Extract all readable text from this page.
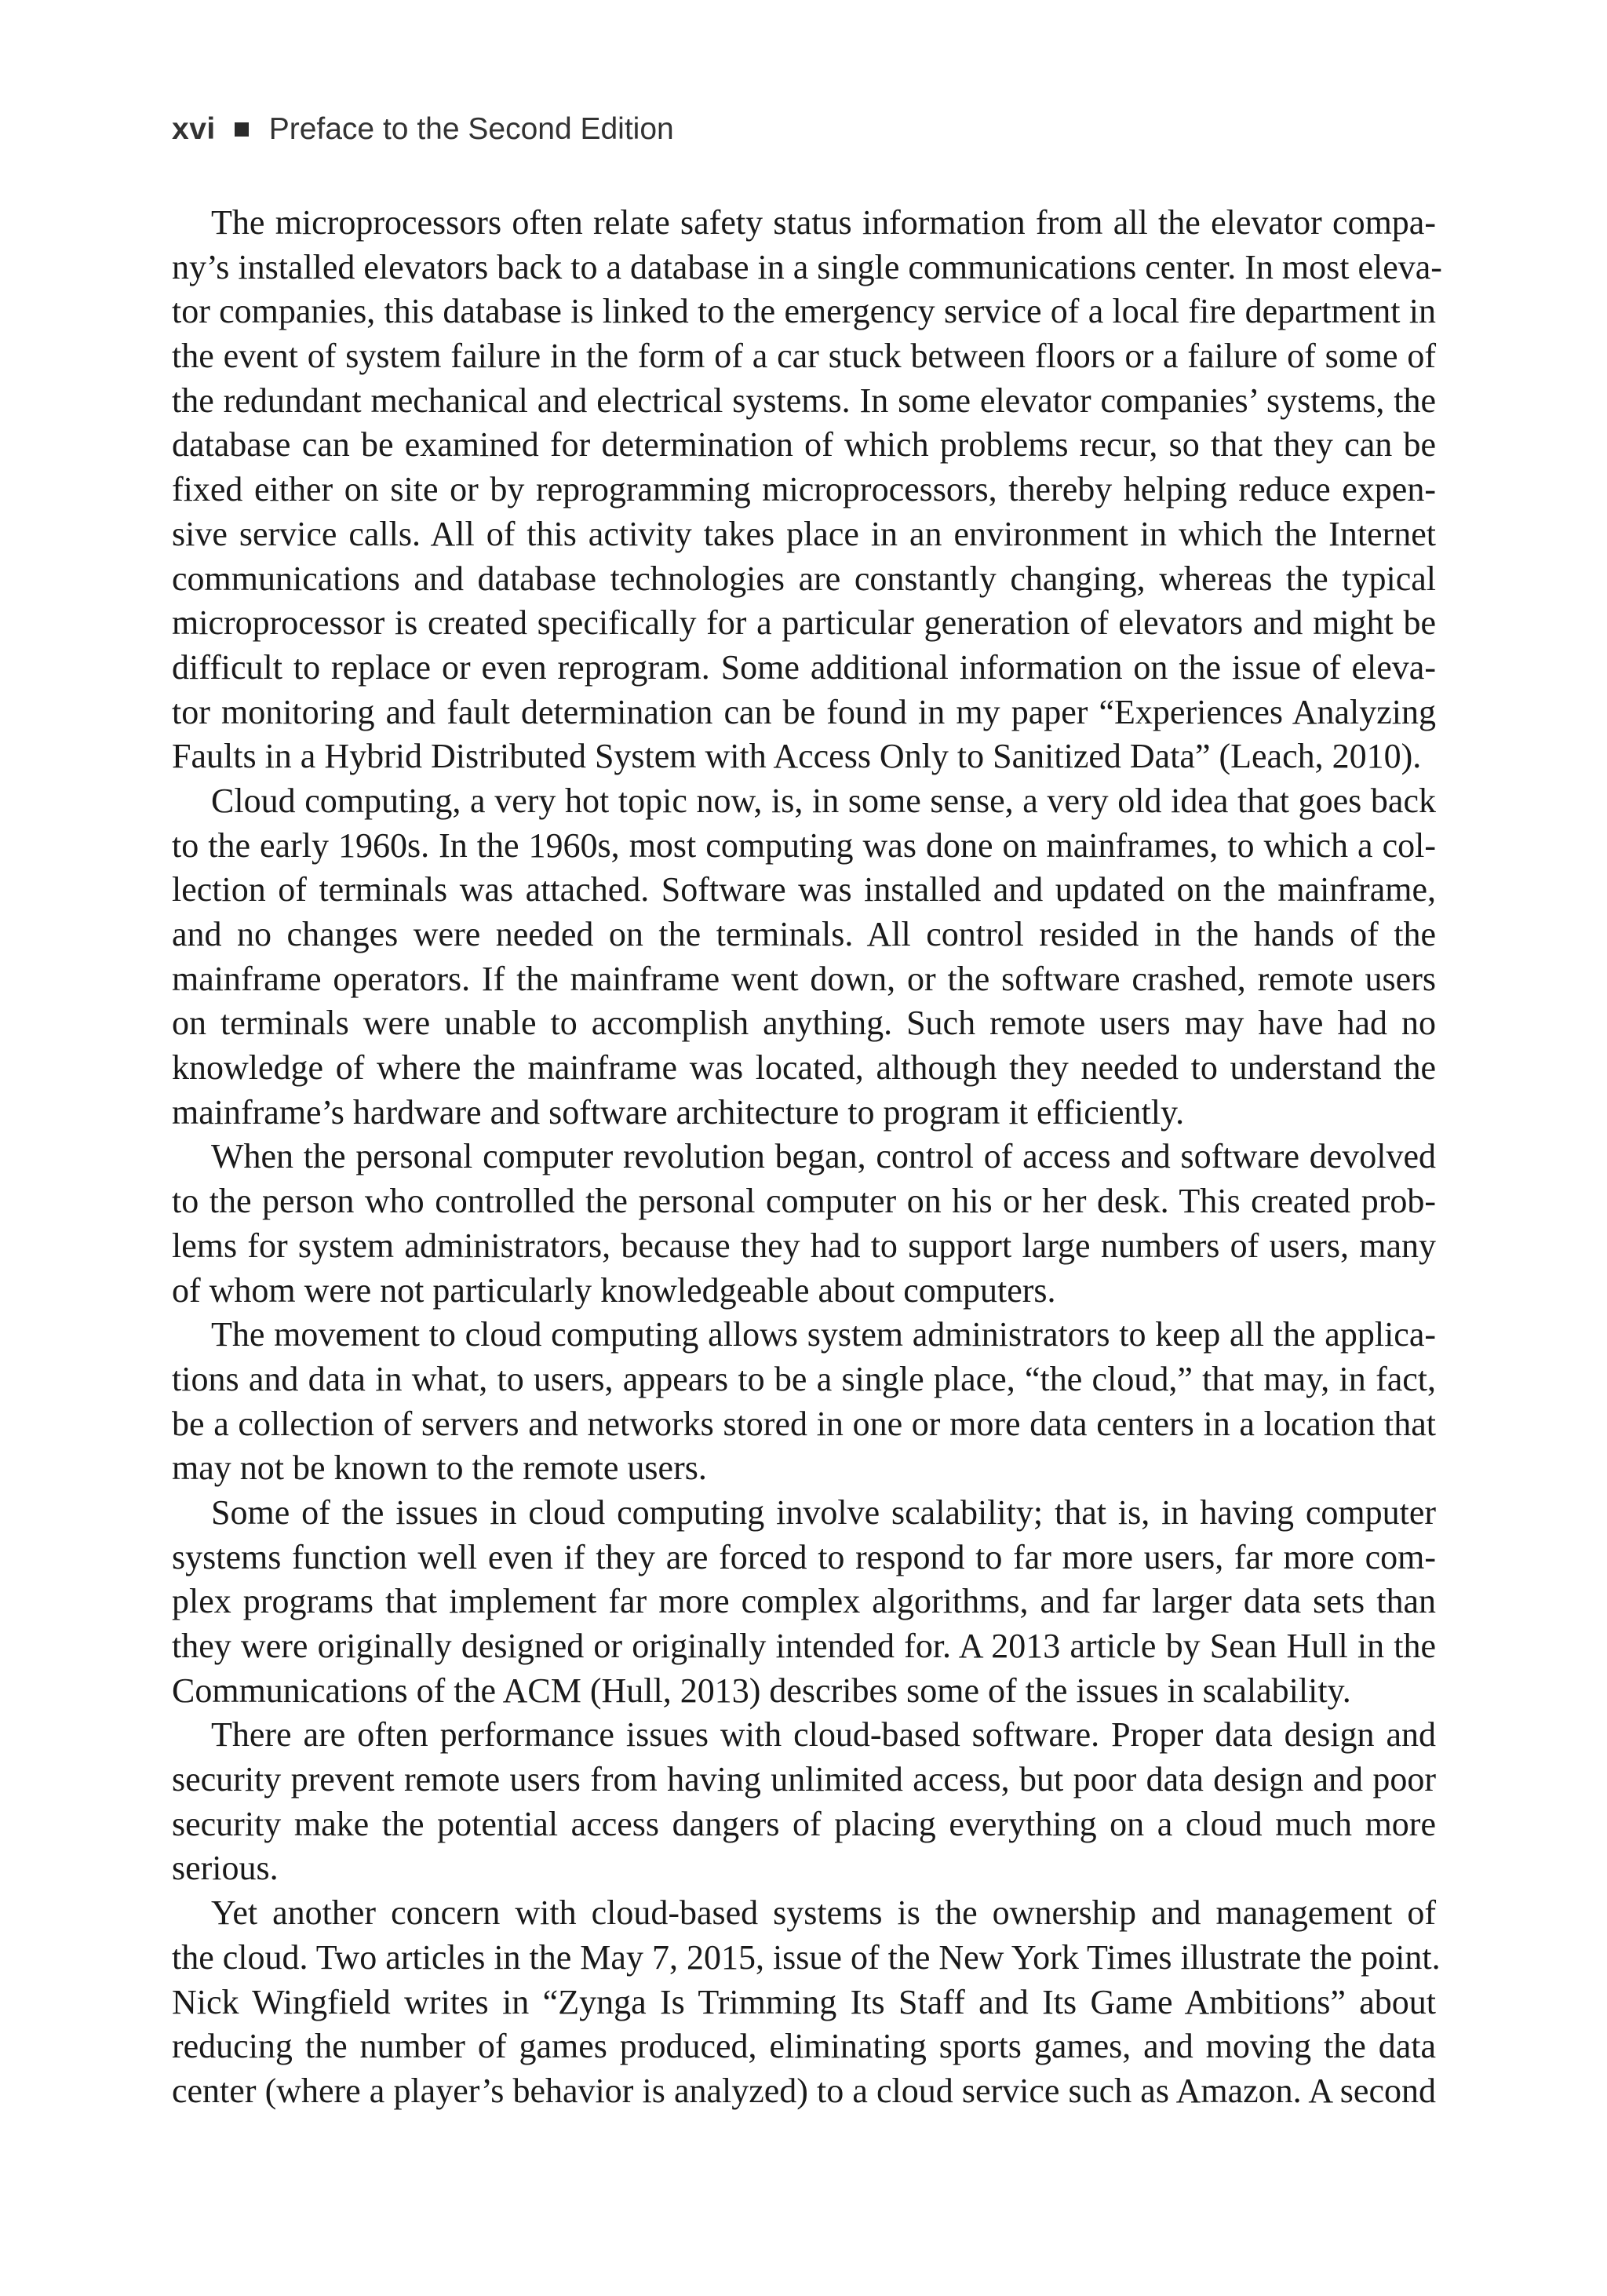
xvi Preface to the Second Edition
The microprocessors often relate safety status information from all the elevator compa-
ny’s installed elevators back to a database in a single communications center. In most eleva-
tor companies, this database is linked to the emergency service of a local fire department in
the event of system failure in the form of a car stuck between floors or a failure of some of
the redundant mechanical and electrical systems. In some elevator companies’ systems, the
database can be examined for determination of which problems recur, so that they can be
fixed either on site or by reprogramming microprocessors, thereby helping reduce expen-
sive service calls. All of this activity takes place in an environment in which the Internet
communications and database technologies are constantly changing, whereas the typical
microprocessor is created specifically for a particular generation of elevators and might be
difficult to replace or even reprogram. Some additional information on the issue of eleva-
tor monitoring and fault determination can be found in my paper “Experiences Analyzing
Faults in a Hybrid Distributed System with Access Only to Sanitized Data” (Leach, 2010).
Cloud computing, a very hot topic now, is, in some sense, a very old idea that goes back
to the early 1960s. In the 1960s, most computing was done on mainframes, to which a col-
lection of terminals was attached. Software was installed and updated on the mainframe,
and no changes were needed on the terminals. All control resided in the hands of the
mainframe operators. If the mainframe went down, or the software crashed, remote users
on terminals were unable to accomplish anything. Such remote users may have had no
knowledge of where the mainframe was located, although they needed to understand the
mainframe’s hardware and software architecture to program it efficiently.
When the personal computer revolution began, control of access and software devolved
to the person who controlled the personal computer on his or her desk. This created prob-
lems for system administrators, because they had to support large numbers of users, many
of whom were not particularly knowledgeable about computers.
The movement to cloud computing allows system administrators to keep all the applica-
tions and data in what, to users, appears to be a single place, “the cloud,” that may, in fact,
be a collection of servers and networks stored in one or more data centers in a location that
may not be known to the remote users.
Some of the issues in cloud computing involve scalability; that is, in having computer
systems function well even if they are forced to respond to far more users, far more com-
plex programs that implement far more complex algorithms, and far larger data sets than
they were originally designed or originally intended for. A 2013 article by Sean Hull in the
Communications of the ACM (Hull, 2013) describes some of the issues in scalability.
There are often performance issues with cloud-based software. Proper data design and
security prevent remote users from having unlimited access, but poor data design and poor
security make the potential access dangers of placing everything on a cloud much more
serious.
Yet another concern with cloud-based systems is the ownership and management of
the cloud. Two articles in the May 7, 2015, issue of the New York Times illustrate the point.
Nick Wingfield writes in “Zynga Is Trimming Its Staff and Its Game Ambitions” about
reducing the number of games produced, eliminating sports games, and moving the data
center (where a player’s behavior is analyzed) to a cloud service such as Amazon. A second
